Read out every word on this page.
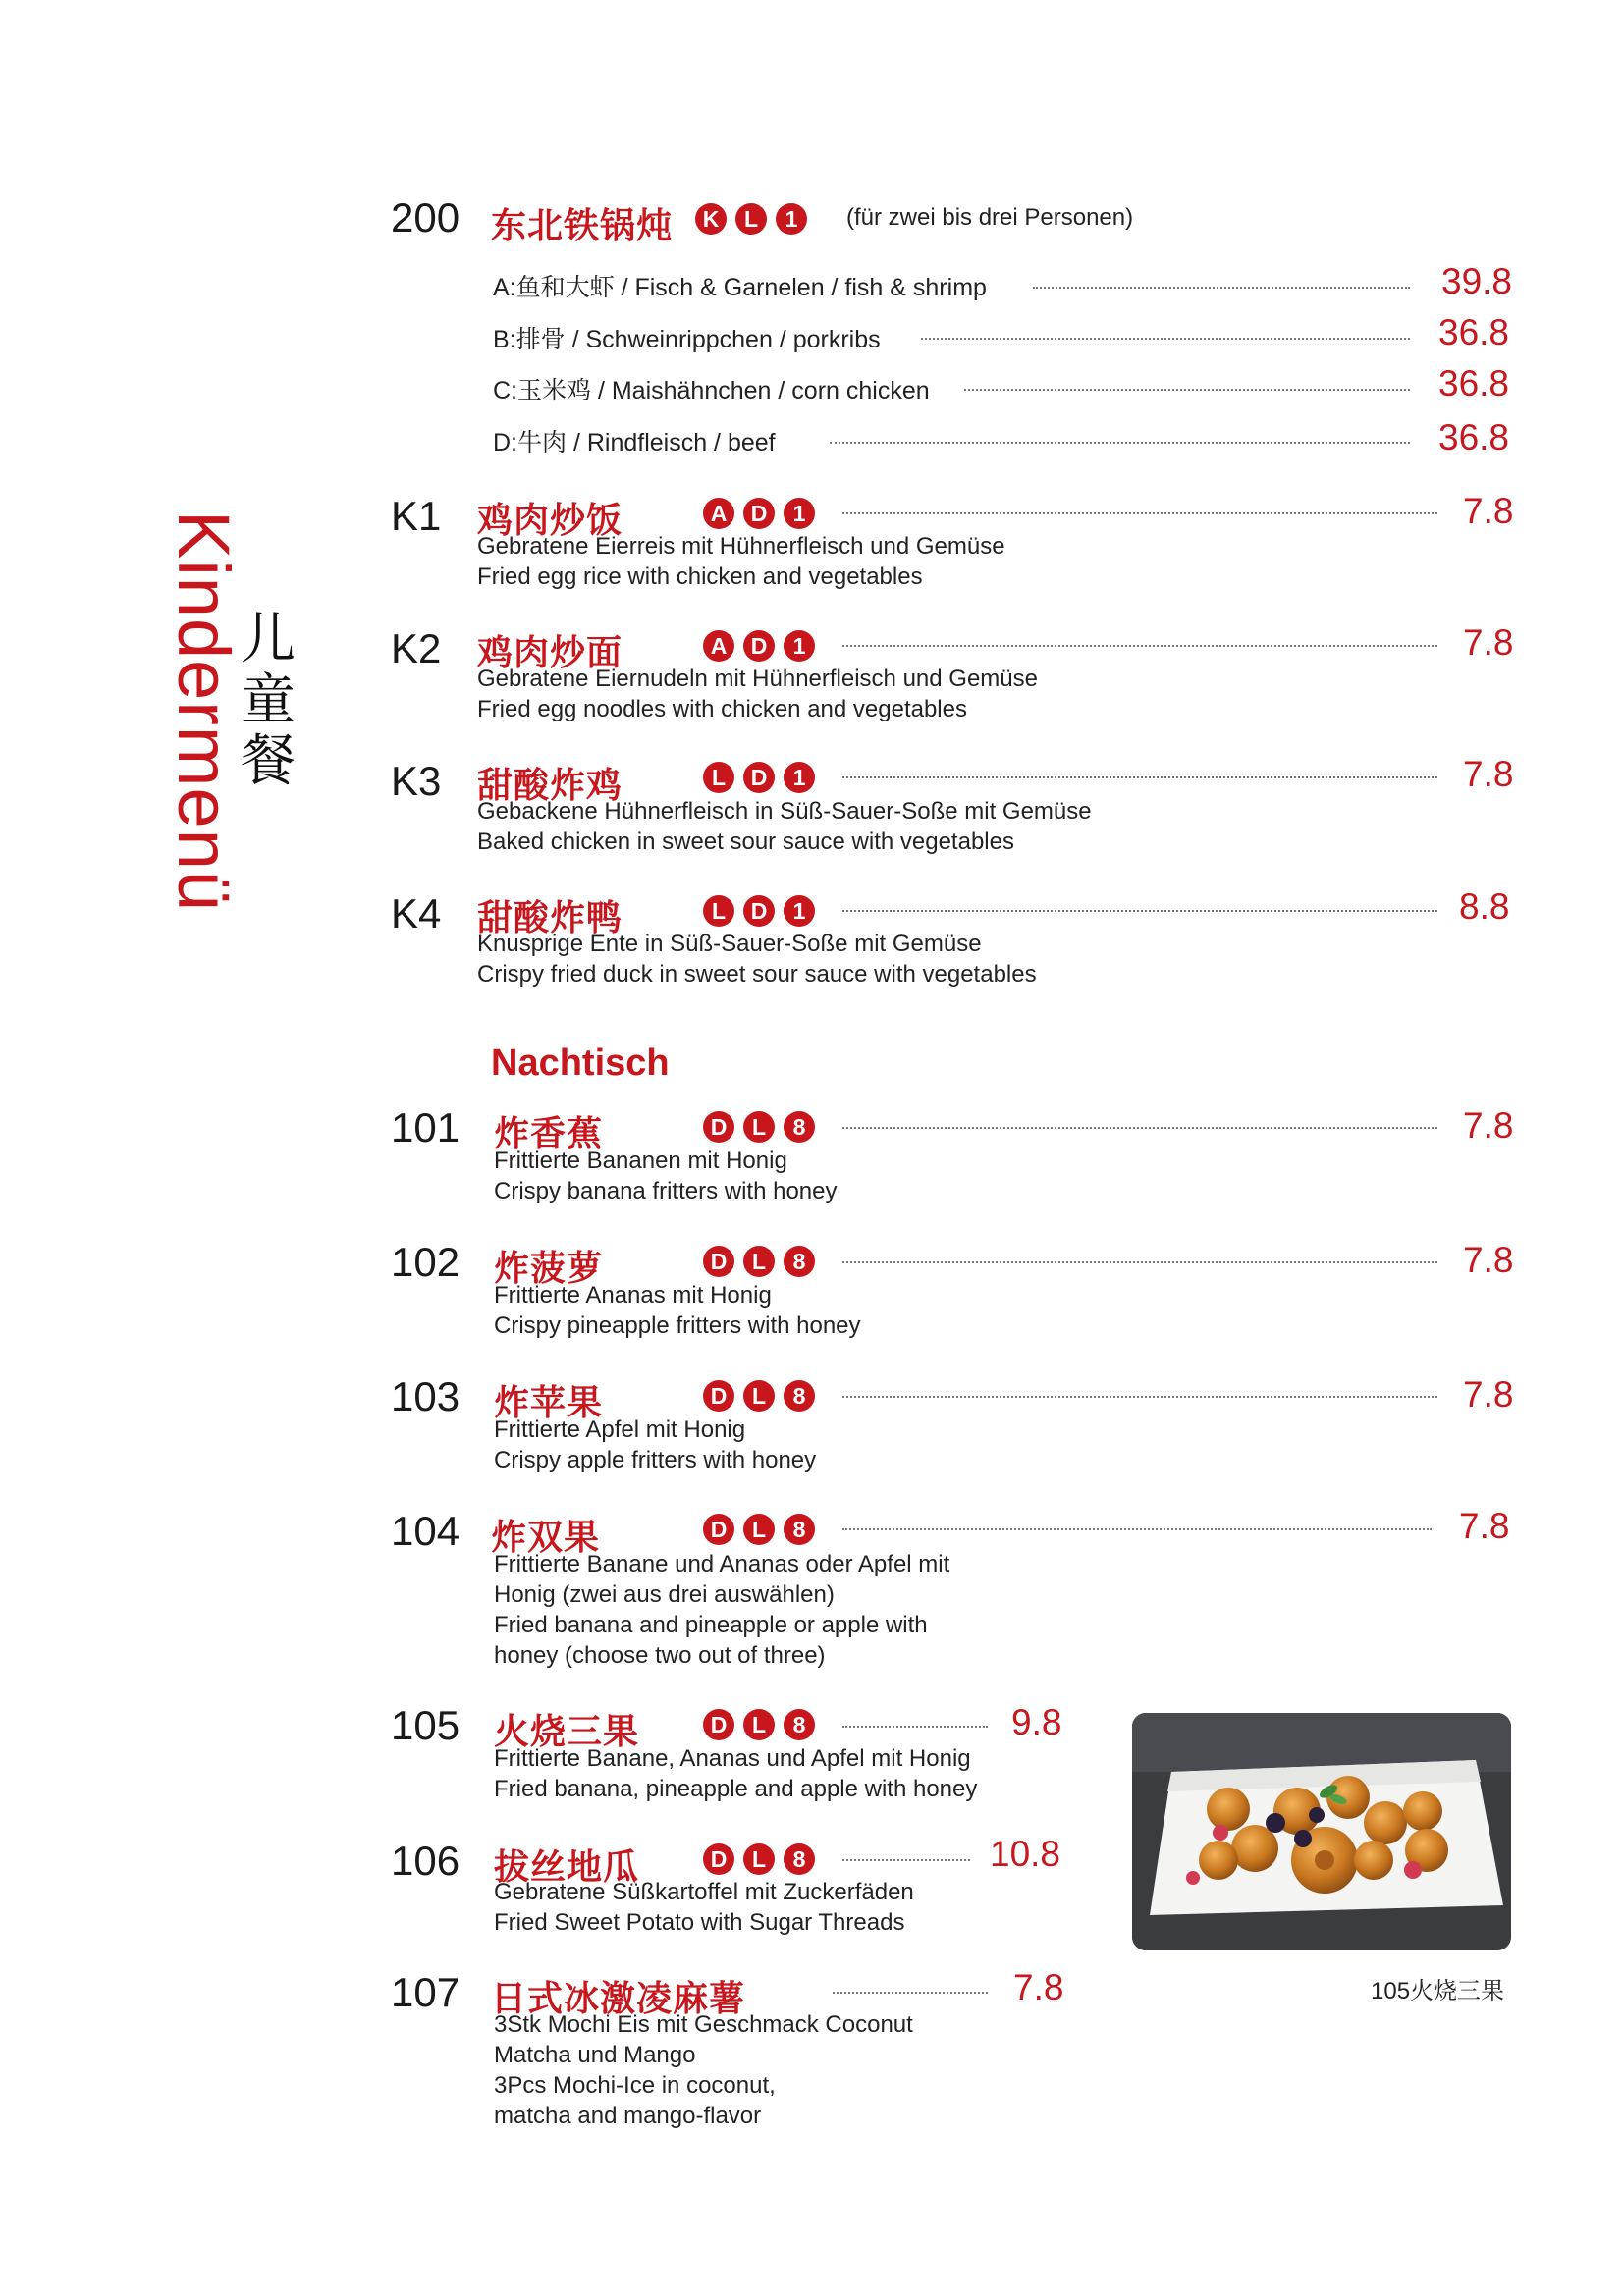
Kindermenü
儿
童
餐
200 东北铁锅炖	K	L	1	(für zwei bis drei Personen)
A:鱼和大虾 / Fisch & Garnelen / fish & shrimp	39.8
B:排骨 / Schweinrippchen / porkribs	36.8
C:玉米鸡 / Maishähnchen / corn chicken	36.8
D:牛肉 / Rindfleisch / beef	36.8
K1 鸡肉炒饭	A	D	1	7.8
Gebratene Eierreis mit Hühnerfleisch und Gemüse
Fried egg rice with chicken and vegetables
K2 鸡肉炒面	A	D	1	7.8
Gebratene Eiernudeln mit Hühnerfleisch und Gemüse
Fried egg noodles with chicken and vegetables
K3 甜酸炸鸡	L	D	1	7.8
Gebackene Hühnerfleisch in Süß-Sauer-Soße mit Gemüse
Baked chicken in sweet sour sauce with vegetables
K4 甜酸炸鸭	L	D	1	8.8
Knusprige Ente in Süß-Sauer-Soße mit Gemüse
Crispy fried duck in sweet sour sauce with vegetables
Nachtisch
101 炸香蕉	D	L	8	7.8
Frittierte Bananen mit Honig
Crispy banana fritters with honey
102 炸菠萝	D	L	8	7.8
Frittierte Ananas mit Honig
Crispy pineapple fritters with honey
103 炸苹果	D	L	8	7.8
Frittierte Apfel mit Honig
Crispy apple fritters with honey
104 炸双果	D	L	8	7.8
Frittierte Banane und Ananas oder Apfel mit
Honig (zwei aus drei auswählen)
Fried banana and pineapple or apple with
honey (choose two out of three)
105 火烧三果	D	L	8	9.8
Frittierte Banane, Ananas und Apfel mit Honig
Fried banana, pineapple and apple with honey
106 拔丝地瓜	D	L	8	10.8
Gebratene Süßkartoffel mit Zuckerfäden
Fried Sweet Potato with Sugar Threads
107 日式冰激凌麻薯	7.8
3Stk Mochi Eis mit Geschmack Coconut
Matcha und Mango
3Pcs Mochi-Ice in coconut,
matcha and mango-flavor
105火烧三果
